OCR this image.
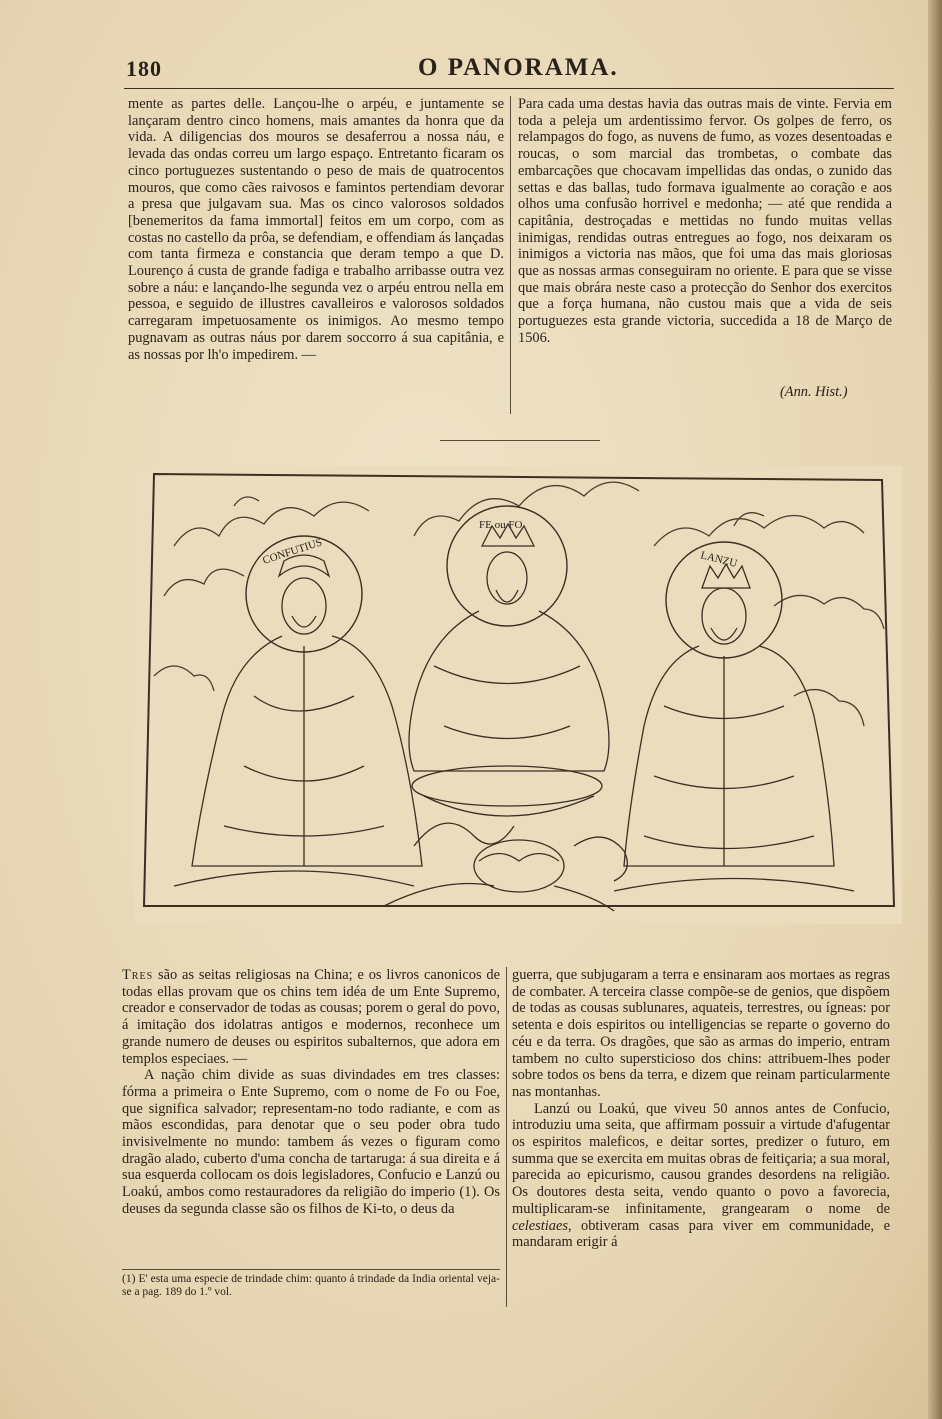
180	O PANORAMA.

mente as partes delle. Lançou-lhe o arpéu, e juntamente se lançaram dentro cinco homens, mais amantes da honra que da vida. A diligencias dos mouros se desaferrou a nossa náu, e levada das ondas correu um largo espaço. Entretanto ficaram os cinco portuguezes sustentando o peso de mais de quatrocentos mouros, que como cães raivosos e famintos pertendiam devorar a presa que julgavam sua. Mas os cinco valorosos soldados [benemeritos da fama immortal] feitos em um corpo, com as costas no castello da prôa, se defendiam, e offendiam ás lançadas com tanta firmeza e constancia que deram tempo a que D. Lourenço á custa de grande fadiga e trabalho arribasse outra vez sobre a náu: e lançando-lhe segunda vez o arpéu entrou nella em pessoa, e seguido de illustres cavalleiros e valorosos soldados carregaram impetuosamente os inimigos. Ao mesmo tempo pugnavam as outras náus por darem soccorro á sua capitânia, e as nossas por lh'o impedirem. —

Para cada uma destas havia das outras mais de vinte. Fervia em toda a peleja um ardentissimo fervor. Os golpes de ferro, os relampagos do fogo, as nuvens de fumo, as vozes desentoadas e roucas, o som marcial das trombetas, o combate das embarcações que chocavam impellidas das ondas, o zunido das settas e das ballas, tudo formava igualmente ao coração e aos olhos uma confusão horrivel e medonha; — até que rendida a capitânia, destroçadas e mettidas no fundo muitas vellas inimigas, rendidas outras entregues ao fogo, nos deixaram os inimigos a victoria nas mãos, que foi uma das mais gloriosas que as nossas armas conseguiram no oriente. E para que se visse que mais obrára neste caso a protecção do Senhor dos exercitos que a força humana, não custou mais que a vida de seis portuguezes esta grande victoria, succedida a 18 de Março de 1506.

(Ann. Hist.)
CONFUTIUS
FE ou FO
LANZU

Tres são as seitas religiosas na China; e os livros canonicos de todas ellas provam que os chins tem idéa de um Ente Supremo, creador e conservador de todas as cousas; porem o geral do povo, á imitação dos idolatras antigos e modernos, reconhece um grande numero de deuses ou espiritos subalternos, que adora em templos especiaes. —

A nação chim divide as suas divindades em tres classes: fórma a primeira o Ente Supremo, com o nome de Fo ou Foe, que significa salvador; representam-no todo radiante, e com as mãos escondidas, para denotar que o seu poder obra tudo invisivelmente no mundo: tambem ás vezes o figuram como dragão alado, cuberto d'uma concha de tartaruga: á sua direita e á sua esquerda collocam os dois legisladores, Confucio e Lanzú ou Loakú, ambos como restauradores da religião do imperio (1). Os deuses da segunda classe são os filhos de Ki-to, o deus da

(1) E' esta uma especie de trindade chim: quanto á trindade da India oriental veja-se a pag. 189 do 1.º vol.

guerra, que subjugaram a terra e ensinaram aos mortaes as regras de combater. A terceira classe compõe-se de genios, que dispõem de todas as cousas sublunares, aquateis, terrestres, ou ígneas: por setenta e dois espiritos ou intelligencias se reparte o governo do céu e da terra. Os dragões, que são as armas do imperio, entram tambem no culto supersticioso dos chins: attribuem-lhes poder sobre todos os bens da terra, e dizem que reinam particularmente nas montanhas.

Lanzú ou Loakú, que viveu 50 annos antes de Confucio, introduziu uma seita, que affirmam possuir a virtude d'afugentar os espiritos maleficos, e deitar sortes, predizer o futuro, em summa que se exercita em muitas obras de feitiçaria; a sua moral, parecida ao epicurismo, causou grandes desordens na religião. Os doutores desta seita, vendo quanto o povo a favorecia, multiplicaram-se infinitamente, grangearam o nome de celestiaes, obtiveram casas para viver em communidade, e mandaram erigir á
